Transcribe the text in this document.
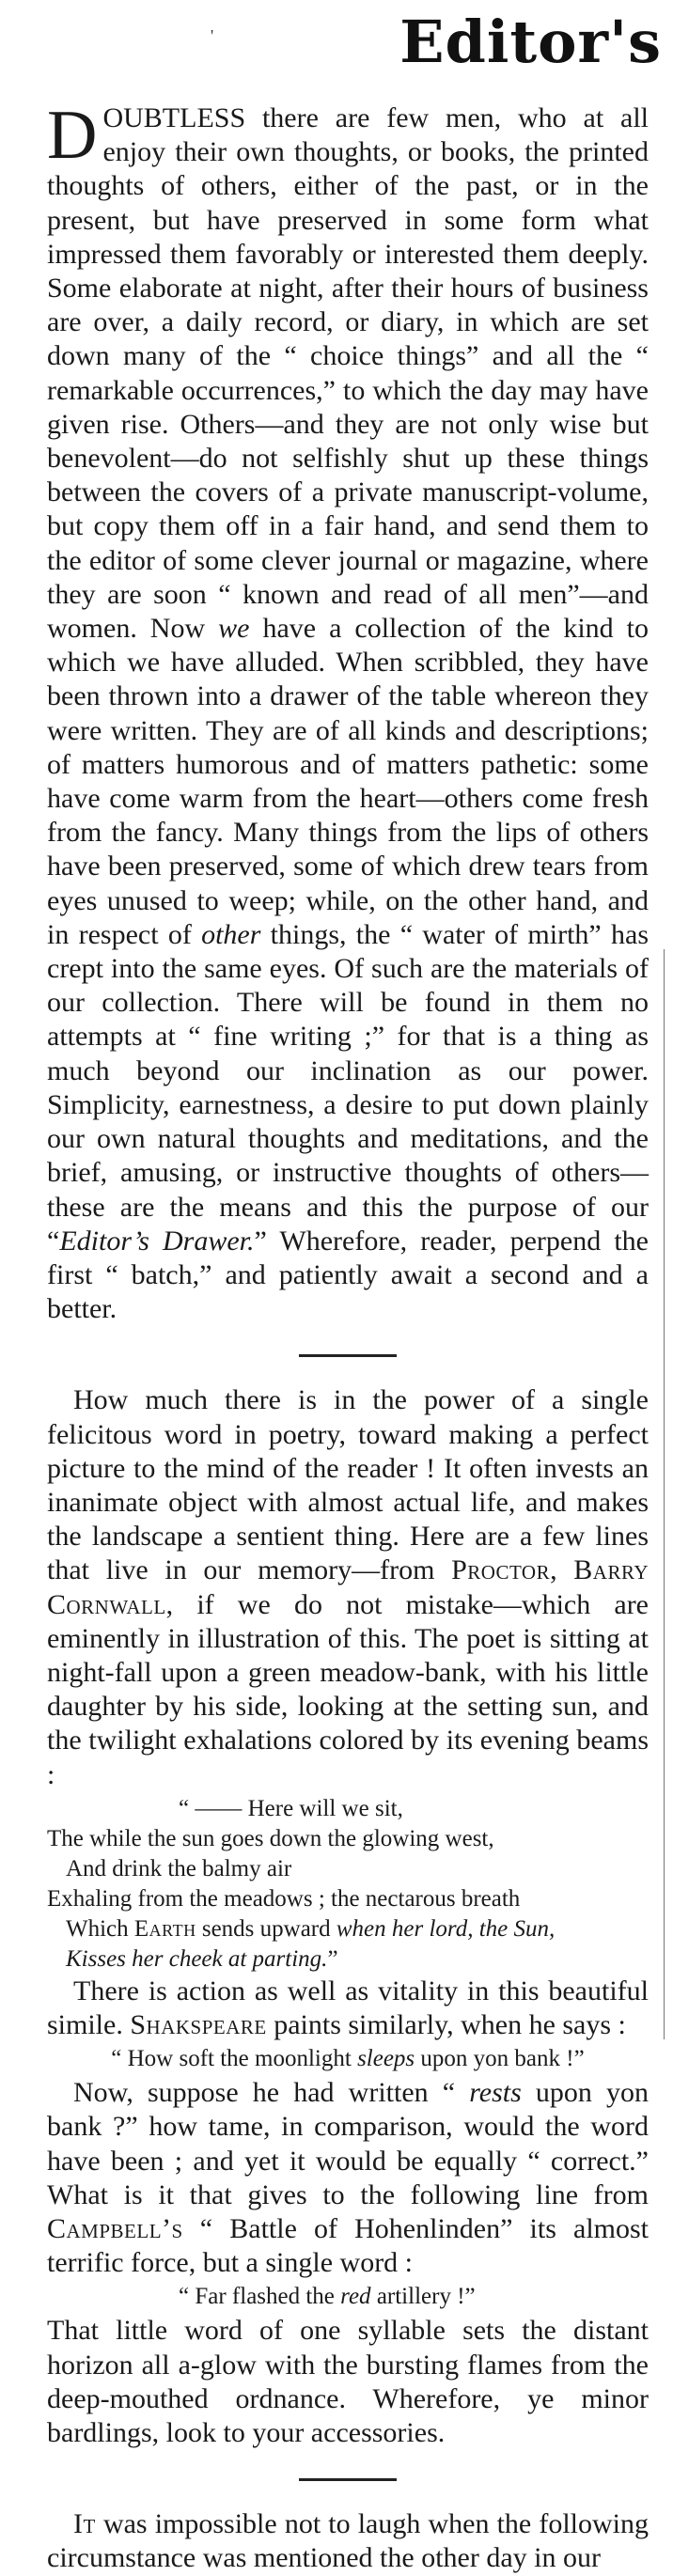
'	Editor's

DOUBTLESS there are few men, who at all enjoy their own thoughts, or books, the printed thoughts of others, either of the past, or in the present, but have preserved in some form what impressed them favorably or interested them deeply. Some elaborate at night, after their hours of business are over, a daily record, or diary, in which are set down many of the “ choice things” and all the “ remarkable occurrences,” to which the day may have given rise. Others—and they are not only wise but benevolent—do not selfishly shut up these things between the covers of a private manuscript-volume, but copy them off in a fair hand, and send them to the editor of some clever journal or magazine, where they are soon “ known and read of all men”—and women. Now we have a collection of the kind to which we have alluded. When scribbled, they have been thrown into a drawer of the table whereon they were written. They are of all kinds and descriptions; of matters humorous and of matters pathetic: some have come warm from the heart—others come fresh from the fancy. Many things from the lips of others have been preserved, some of which drew tears from eyes unused to weep; while, on the other hand, and in respect of other things, the “ water of mirth” has crept into the same eyes. Of such are the materials of our collection. There will be found in them no attempts at “ fine writing ;” for that is a thing as much beyond our inclination as our power. Simplicity, earnestness, a desire to put down plainly our own natural thoughts and meditations, and the brief, amusing, or instructive thoughts of others—these are the means and this the purpose of our “Editor’s Drawer.” Wherefore, reader, perpend the first “ batch,” and patiently await a second and a better.

How much there is in the power of a single felicitous word in poetry, toward making a perfect picture to the mind of the reader ! It often invests an inanimate object with almost actual life, and makes the landscape a sentient thing. Here are a few lines that live in our memory—from Proctor, Barry Cornwall, if we do not mistake—which are eminently in illustration of this. The poet is sitting at night-fall upon a green meadow-bank, with his little daughter by his side, looking at the setting sun, and the twilight exhalations colored by its evening beams :

“ —— Here will we sit,
The while the sun goes down the glowing west,
And drink the balmy air
Exhaling from the meadows ; the nectarous breath
Which Earth sends upward when her lord, the Sun,
Kisses her cheek at parting.”

There is action as well as vitality in this beautiful simile. Shakspeare paints similarly, when he says :

“ How soft the moonlight sleeps upon yon bank !”

Now, suppose he had written “ rests upon yon bank ?” how tame, in comparison, would the word have been ; and yet it would be equally “ correct.” What is it that gives to the following line from Campbell’s “ Battle of Hohenlinden” its almost terrific force, but a single word :

“ Far flashed the red artillery !”

That little word of one syllable sets the distant horizon all a-glow with the bursting flames from the deep-mouthed ordnance. Wherefore, ye minor bardlings, look to your accessories.

It was impossible not to laugh when the following circumstance was mentioned the other day in our
